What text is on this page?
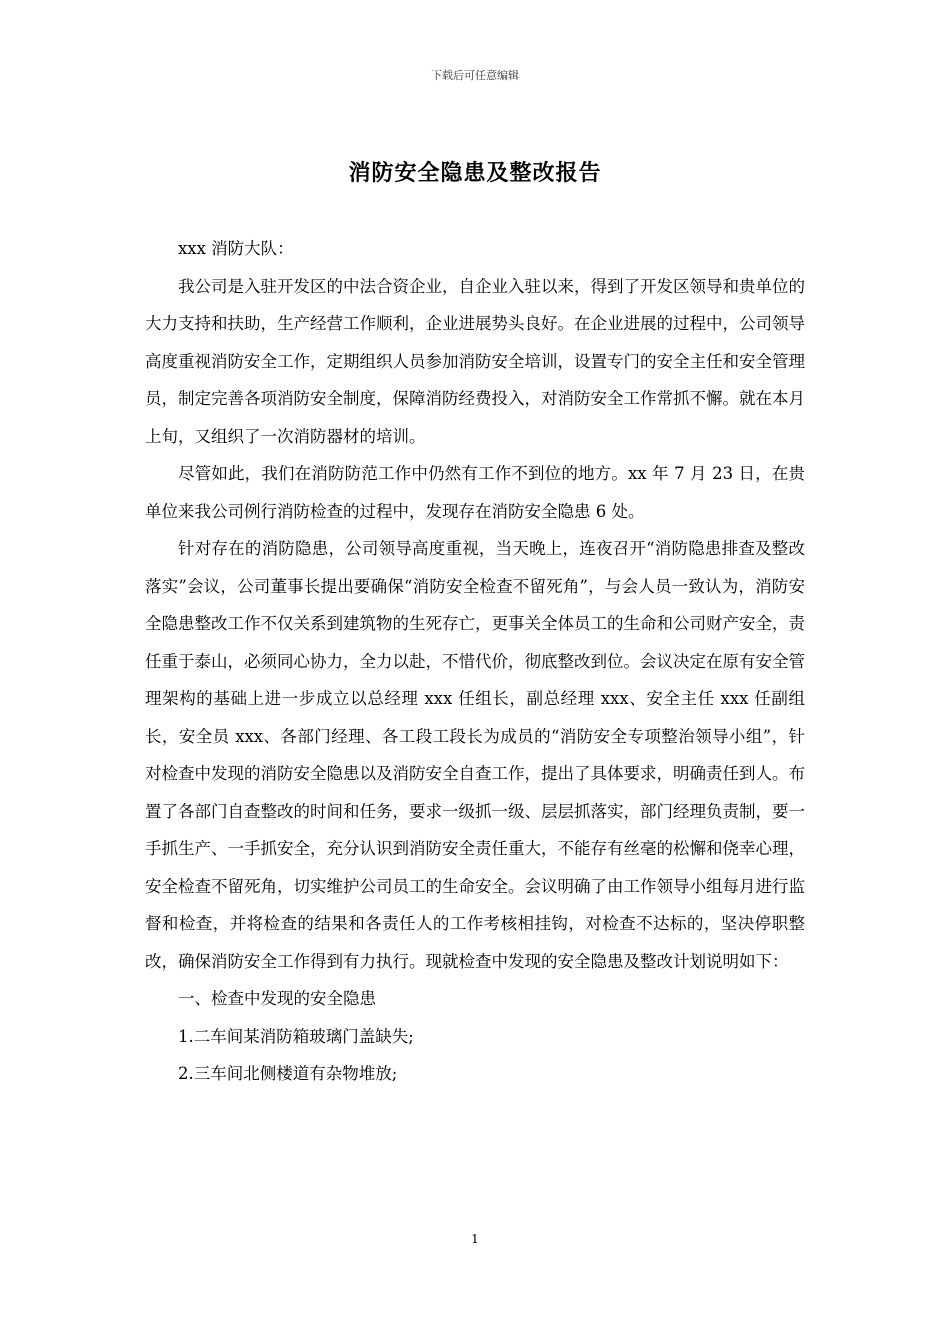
下载后可任意编辑
消防安全隐患及整改报告

xxx 消防大队：

我公司是入驻开发区的中法合资企业，自企业入驻以来，得到了开发区领导和贵单位的大力支持和扶助，生产经营工作顺利，企业进展势头良好。在企业进展的过程中，公司领导高度重视消防安全工作，定期组织人员参加消防安全培训，设置专门的安全主任和安全管理员，制定完善各项消防安全制度，保障消防经费投入，对消防安全工作常抓不懈。就在本月上旬，又组织了一次消防器材的培训。

尽管如此，我们在消防防范工作中仍然有工作不到位的地方。xx 年 7 月 23 日，在贵单位来我公司例行消防检查的过程中，发现存在消防安全隐患 6 处。

针对存在的消防隐患，公司领导高度重视，当天晚上，连夜召开“消防隐患排查及整改落实”会议，公司董事长提出要确保“消防安全检查不留死角”，与会人员一致认为，消防安全隐患整改工作不仅关系到建筑物的生死存亡，更事关全体员工的生命和公司财产安全，责任重于泰山，必须同心协力，全力以赴，不惜代价，彻底整改到位。会议决定在原有安全管理架构的基础上进一步成立以总经理 xxx 任组长，副总经理 xxx、安全主任 xxx 任副组长，安全员 xxx、各部门经理、各工段工段长为成员的“消防安全专项整治领导小组”，针对检查中发现的消防安全隐患以及消防安全自查工作，提出了具体要求，明确责任到人。布置了各部门自查整改的时间和任务，要求一级抓一级、层层抓落实，部门经理负责制，要一手抓生产、一手抓安全，充分认识到消防安全责任重大，不能存有丝毫的松懈和侥幸心理，安全检查不留死角，切实维护公司员工的生命安全。会议明确了由工作领导小组每月进行监督和检查，并将检查的结果和各责任人的工作考核相挂钩，对检查不达标的，坚决停职整改，确保消防安全工作得到有力执行。现就检查中发现的安全隐患及整改计划说明如下：

一、检查中发现的安全隐患

1.二车间某消防箱玻璃门盖缺失;

2.三车间北侧楼道有杂物堆放;

1
